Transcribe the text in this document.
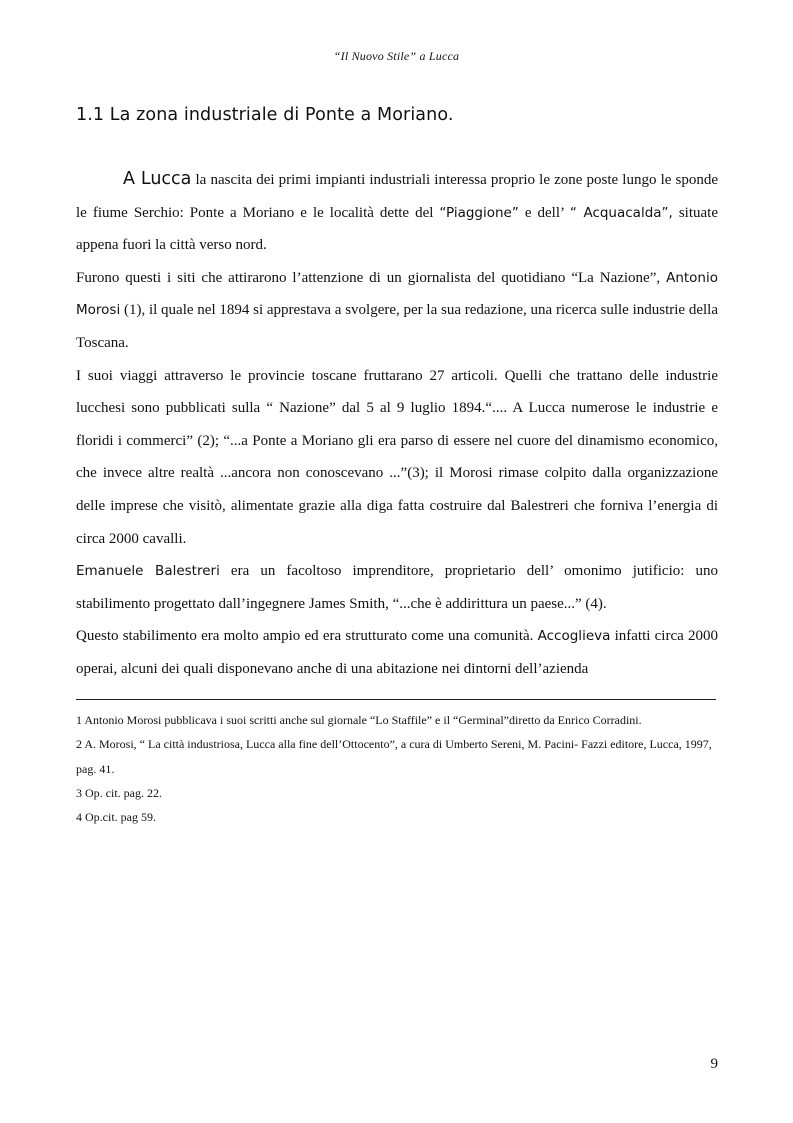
“Il Nuovo Stile” a Lucca
1.1 La zona industriale di Ponte a Moriano.

A Lucca la nascita dei primi impianti industriali interessa proprio le zone poste lungo le sponde le fiume Serchio: Ponte a Moriano e le località dette del “Piaggione” e dell’ “ Acquacalda”, situate appena fuori la città verso nord.

Furono questi i siti che attirarono l’attenzione di un giornalista del quotidiano “La Nazione”, Antonio Morosi (1), il quale nel 1894 si apprestava a svolgere, per la sua redazione, una ricerca sulle industrie della Toscana.

I suoi viaggi attraverso le provincie toscane fruttarano 27 articoli. Quelli che trattano delle industrie lucchesi sono pubblicati sulla “ Nazione” dal 5 al 9 luglio 1894.“.... A Lucca numerose le industrie e floridi i commerci” (2); “...a Ponte a Moriano gli era parso di essere nel cuore del dinamismo economico, che invece altre realtà ...ancora non conoscevano ...”(3); il Morosi rimase colpito dalla organizzazione delle imprese che visitò, alimentate grazie alla diga fatta costruire dal Balestreri che forniva l’energia di circa 2000 cavalli.

Emanuele Balestreri era un facoltoso imprenditore, proprietario dell’ omonimo jutificio: uno stabilimento progettato dall’ingegnere James Smith, “...che è addirittura un paese...” (4).

Questo stabilimento era molto ampio ed era strutturato come una comunità. Accoglieva infatti circa 2000 operai, alcuni dei quali disponevano anche di una abitazione nei dintorni dell’azienda

1 Antonio Morosi pubblicava i suoi scritti anche sul giornale “Lo Staffile” e il “Germinal”diretto da Enrico Corradini.

2 A. Morosi, “ La città industriosa, Lucca alla fine dell’Ottocento”, a cura di Umberto Sereni, M. Pacini- Fazzi editore, Lucca, 1997, pag. 41.

3 Op. cit. pag. 22.

4 Op.cit. pag 59.

9
